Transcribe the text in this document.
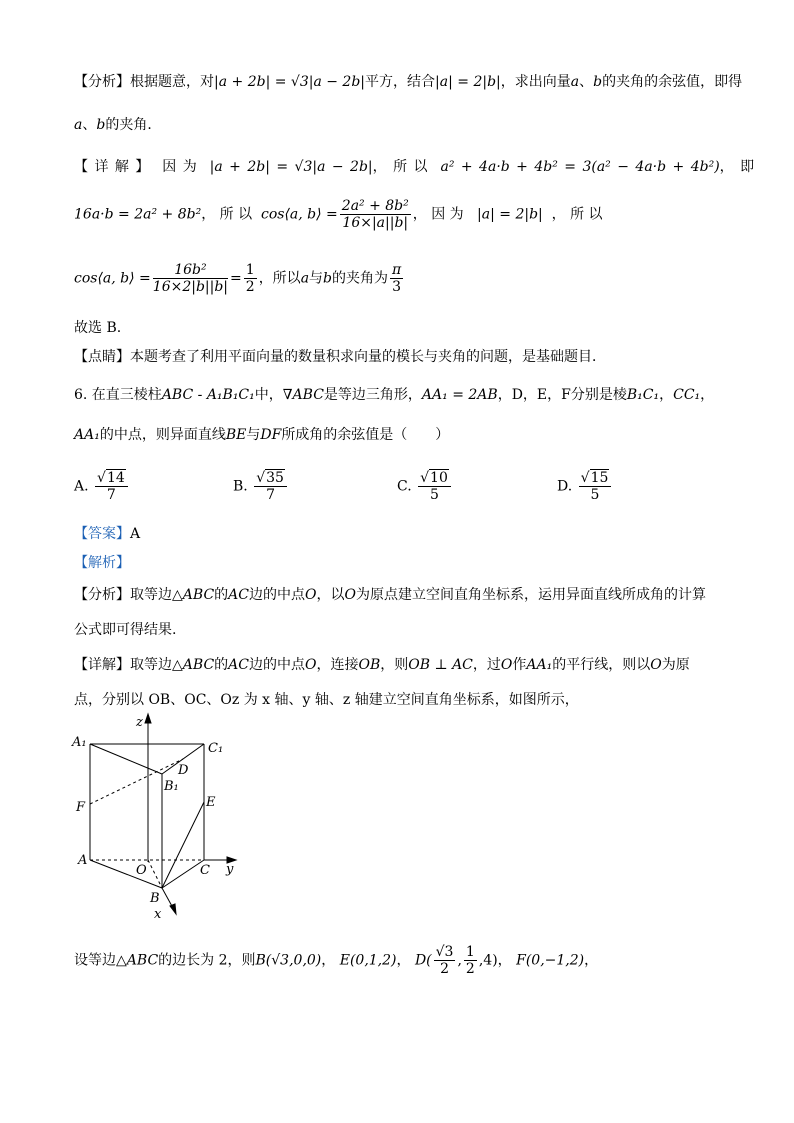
【分析】根据题意，对|a + 2b| = √3|a − 2b|平方，结合|a| = 2|b|，求出向量a、b的夹角的余弦值，即得
a、b的夹角．
【 详 解 】 因 为 |a + 2b| = √3|a − 2b|， 所 以 a² + 4a·b + 4b² = 3(a² − 4a·b + 4b²)， 即
16a·b = 2a² + 8b²， 所 以 cos⟨a, b⟩ = $\frac{\text{2a² + 8b²}}{16\times|a||b|}$ ， 因 为 |a| = 2|b| ， 所 以
cos⟨a, b⟩ = $\frac{\text{16b²}}{16\times 2|b||b|} = \frac{1}{2}$ ，所以a与b的夹角为 $\frac{\pi}{3}$
故选 B.
【点睛】本题考查了利用平面向量的数量积求向量的模长与夹角的问题，是基础题目．
6. 在直三棱柱ABC - A₁B₁C₁中，∇ABC是等边三角形，AA₁ = 2AB，D，E，F分别是棱B₁C₁，CC₁，
AA₁的中点，则异面直线BE与DF所成角的余弦值是（　　）
A. $\frac{√14}{7}$	B. $\frac{√35}{7}$	C. $\frac{√10}{5}$	D. $\frac{√15}{5}$
【答案】A
【解析】
【分析】取等边△ABC的AC边的中点O，以O为原点建立空间直角坐标系，运用异面直线所成角的计算
公式即可得结果.
【详解】取等边△ABC的AC边的中点O，连接OB，则OB ⊥ AC，过O作AA₁的平行线，则以O为原
点，分别以 OB、OC、Oz 为 x 轴、y 轴、z 轴建立空间直角坐标系，如图所示，
z
A₁	C₁
D
B₁
F	E
A
O	C y
B
x
设等边△ABC的边长为 2，则B(√3,0,0)， E(0,1,2)， $D( \frac{√3}{2}$ , $\frac{1}{2} ,4$)， F(0,−1,2)，
